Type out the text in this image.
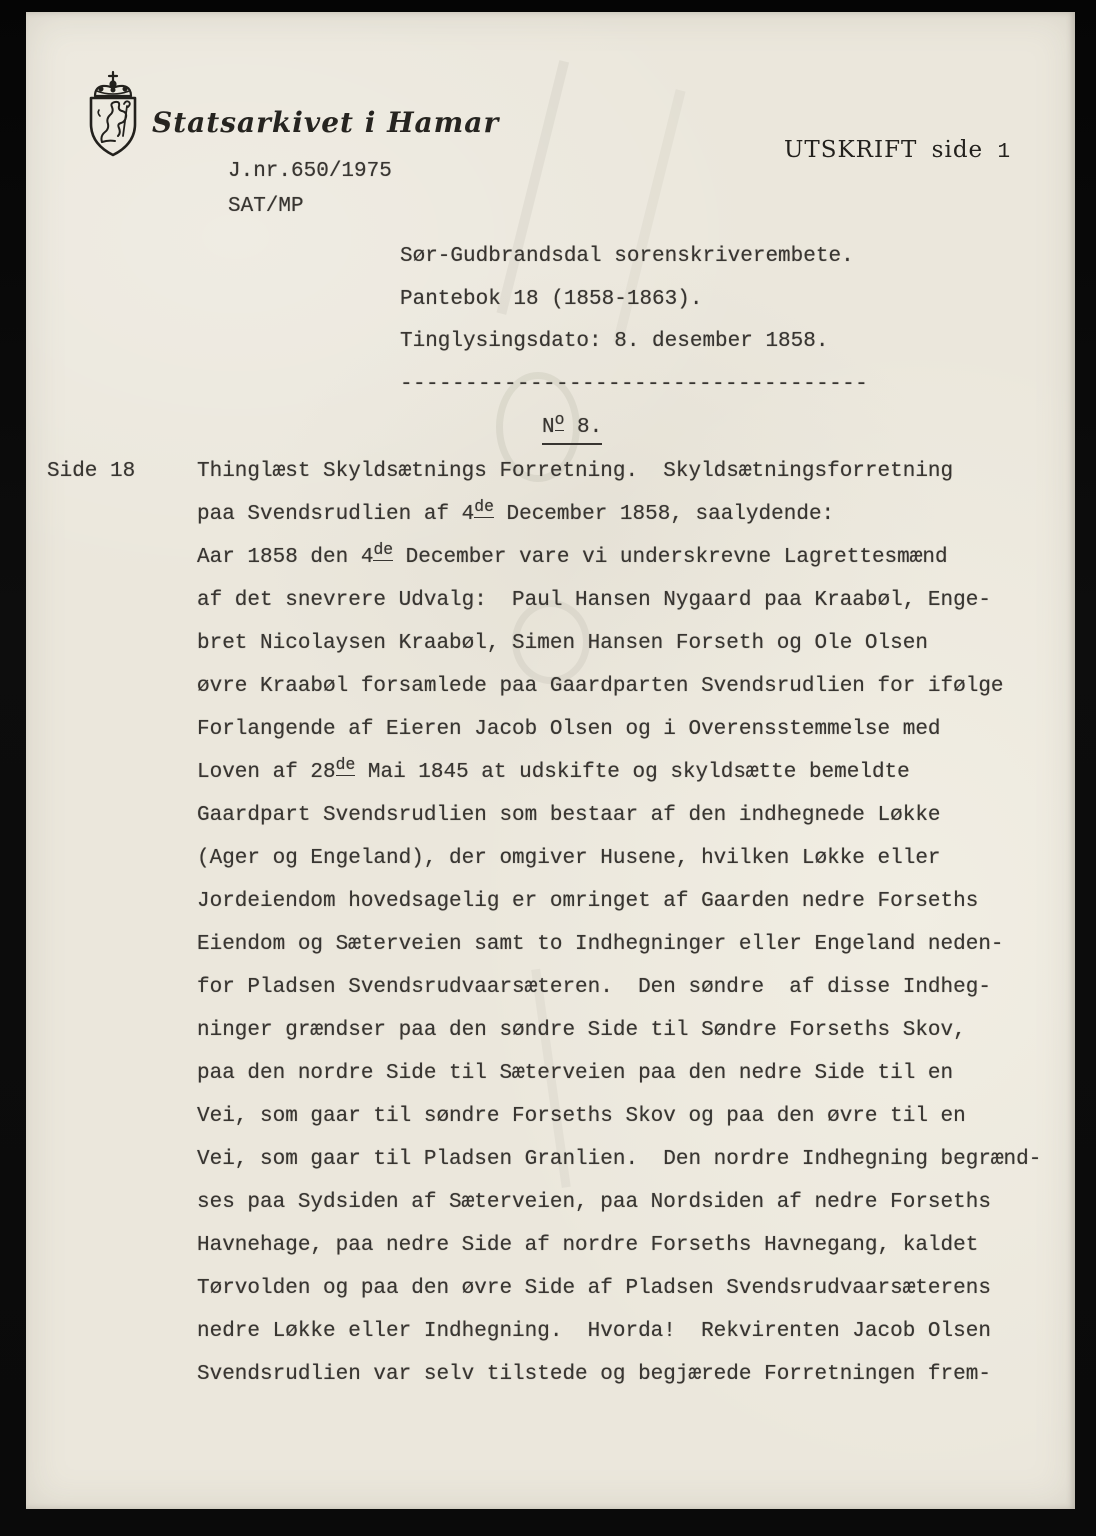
Statsarkivet i Hamar
J.nr.650/1975
SAT/MP
UTSKRIFT side 1
Sør-Gudbrandsdal sorenskriverembete.
Pantebok 18 (1858-1863).
Tinglysingsdato: 8. desember 1858.
------------------------------------
$N^o$ 8.
Side 18	Thinglæst Skyldsætnings Forretning.  Skyldsætningsforretning
paa Svendsrudlien af 4de December 1858, saalydende:
Aar 1858 den 4de December vare vi underskrevne Lagrettesmænd
af det snevrere Udvalg:  Paul Hansen Nygaard paa Kraabøl, Enge-
bret Nicolaysen Kraabøl, Simen Hansen Forseth og Ole Olsen
øvre Kraabøl forsamlede paa Gaardparten Svendsrudlien for ifølge
Forlangende af Eieren Jacob Olsen og i Overensstemmelse med
Loven af 28de Mai 1845 at udskifte og skyldsætte bemeldte
Gaardpart Svendsrudlien som bestaar af den indhegnede Løkke
(Ager og Engeland), der omgiver Husene, hvilken Løkke eller
Jordeiendom hovedsagelig er omringet af Gaarden nedre Forseths
Eiendom og Sæterveien samt to Indhegninger eller Engeland neden-
for Pladsen Svendsrudvaarsæteren.  Den søndre  af disse Indheg-
ninger grændser paa den søndre Side til Søndre Forseths Skov,
paa den nordre Side til Sæterveien paa den nedre Side til en
Vei, som gaar til søndre Forseths Skov og paa den øvre til en
Vei, som gaar til Pladsen Granlien.  Den nordre Indhegning begrænd-
ses paa Sydsiden af Sæterveien, paa Nordsiden af nedre Forseths
Havnehage, paa nedre Side af nordre Forseths Havnegang, kaldet
Tørvolden og paa den øvre Side af Pladsen Svendsrudvaarsæterens
nedre Løkke eller Indhegning.  Hvorda!  Rekvirenten Jacob Olsen
Svendsrudlien var selv tilstede og begjærede Forretningen frem-
